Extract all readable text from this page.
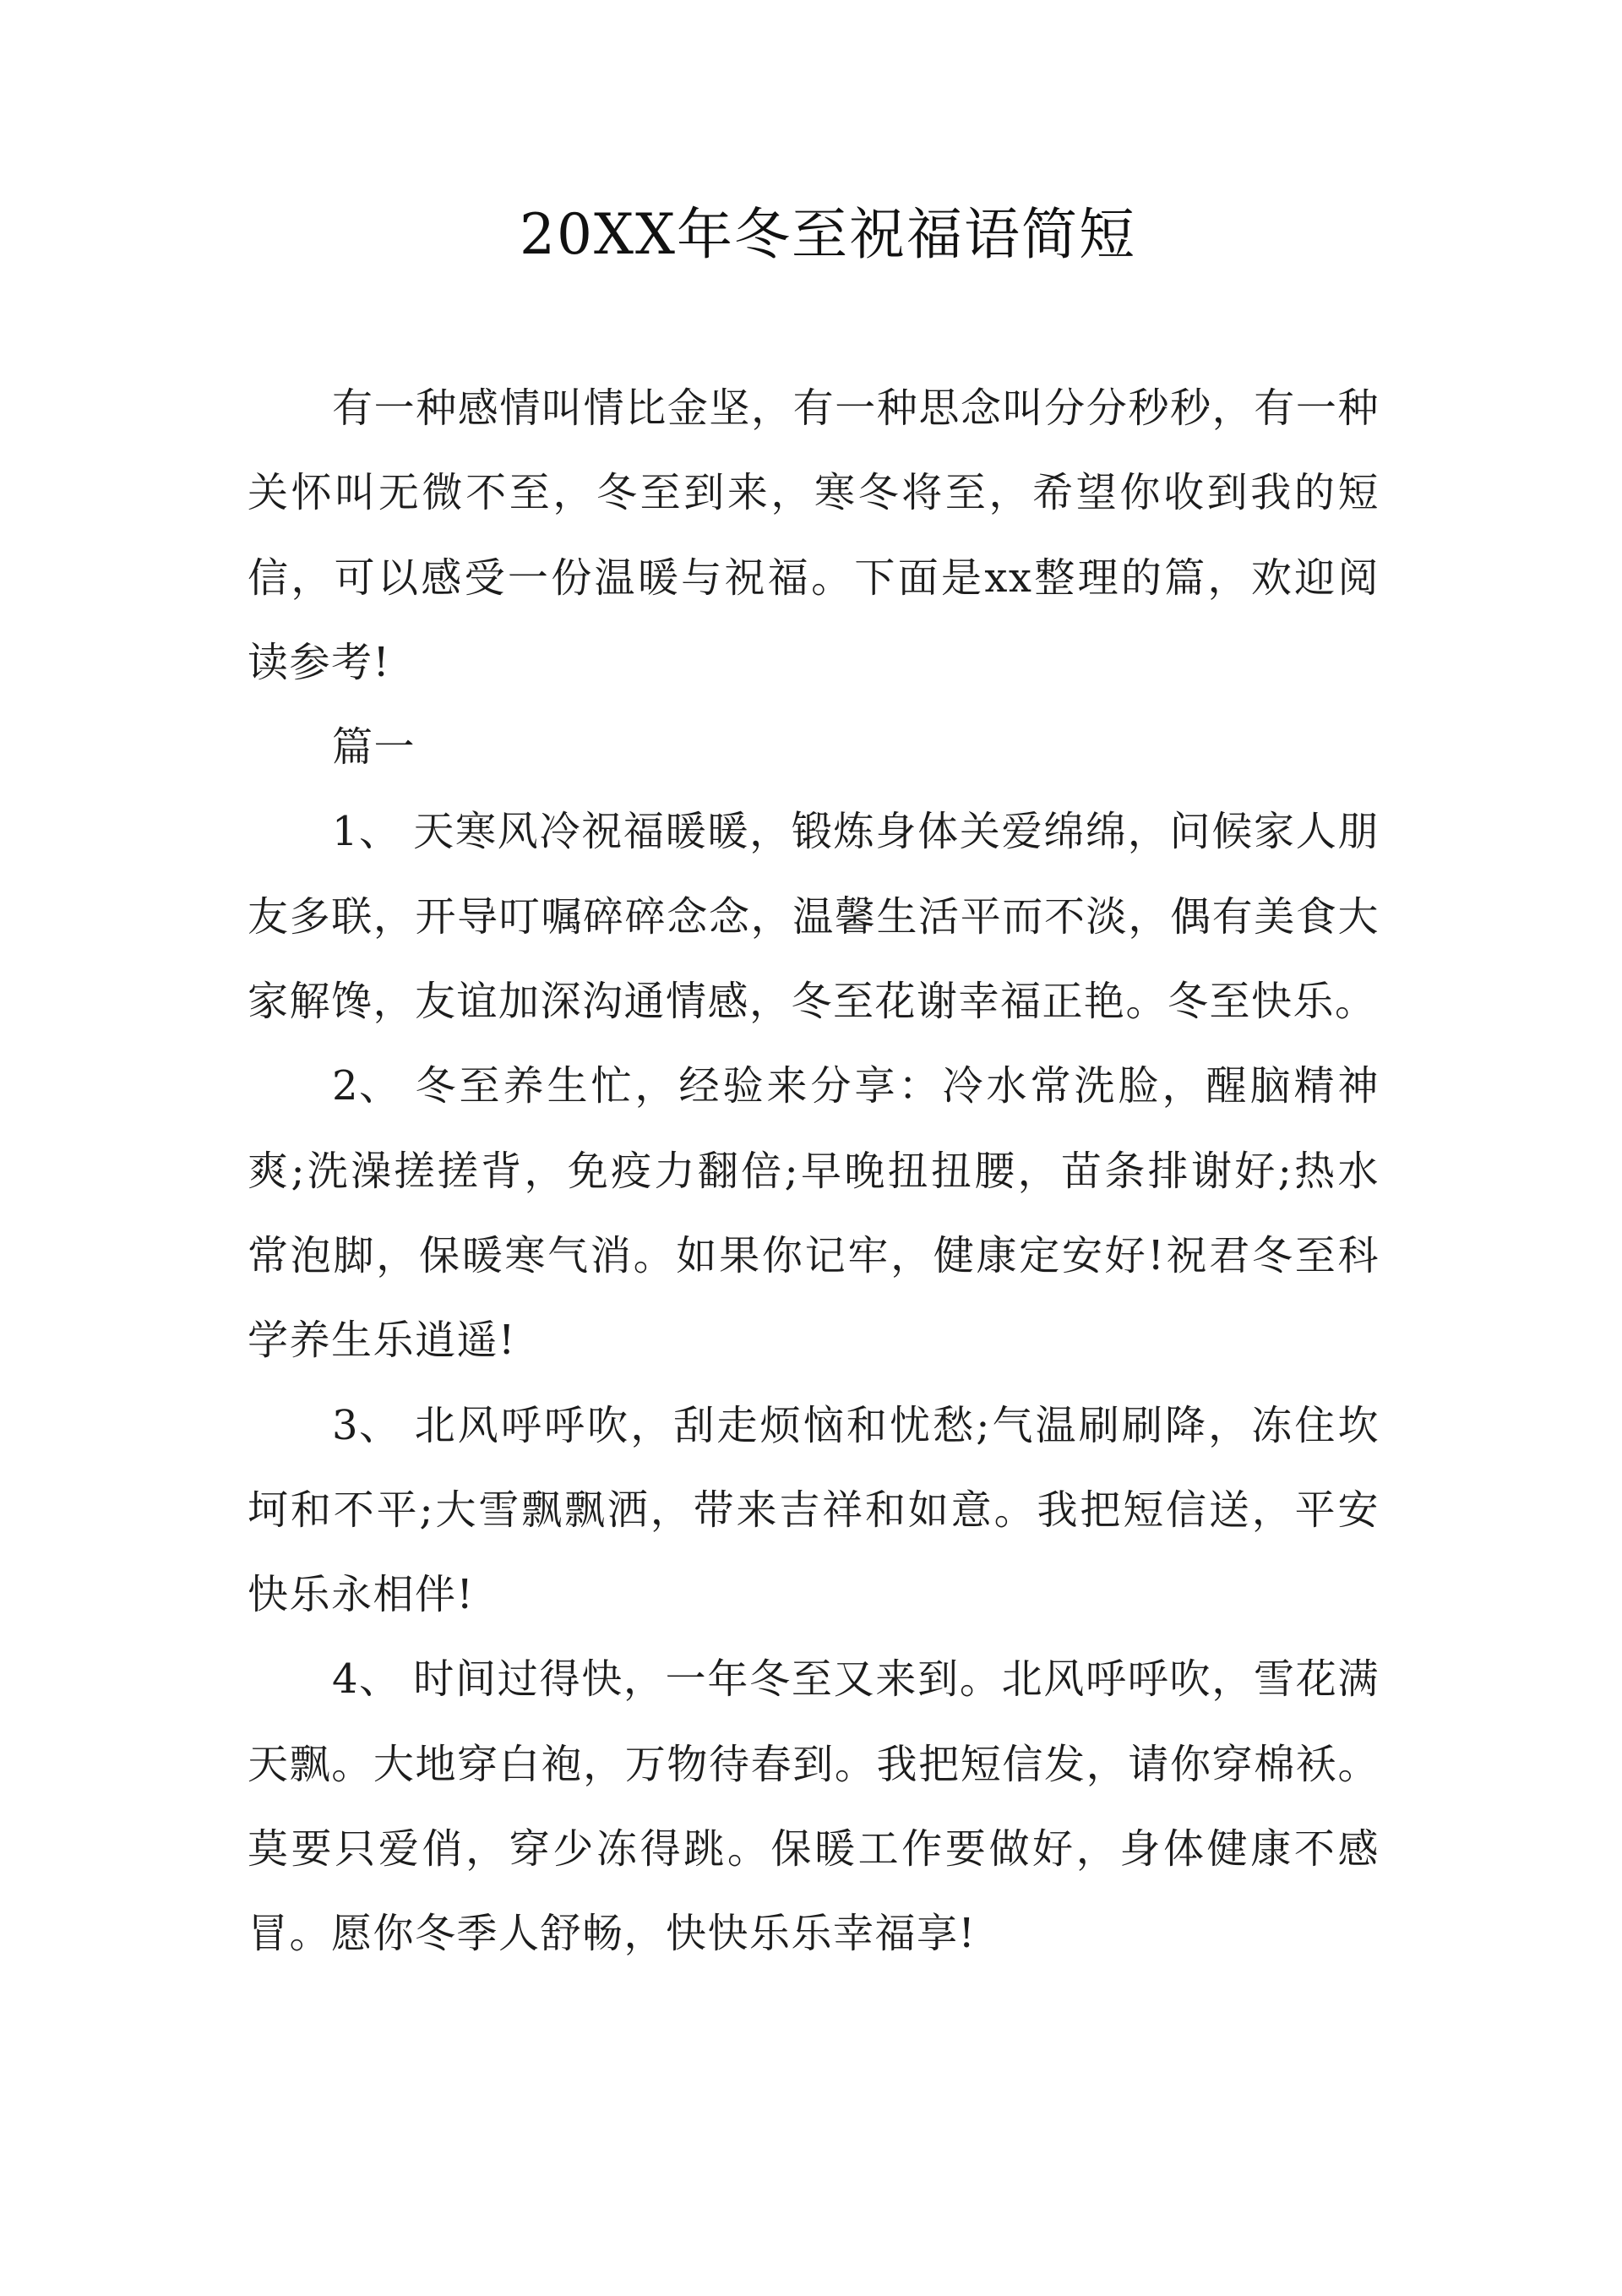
20XX年冬至祝福语简短

有一种感情叫情比金坚，有一种思念叫分分秒秒，有一种关怀叫无微不至，冬至到来，寒冬将至，希望你收到我的短信，可以感受一份温暖与祝福。下面是xx整理的篇，欢迎阅读参考!

篇一

1、 天寒风冷祝福暖暖，锻炼身体关爱绵绵，问候家人朋友多联，开导叮嘱碎碎念念，温馨生活平而不淡，偶有美食大家解馋，友谊加深沟通情感，冬至花谢幸福正艳。冬至快乐。

2、 冬至养生忙，经验来分享：冷水常洗脸，醒脑精神爽;洗澡搓搓背，免疫力翻倍;早晚扭扭腰，苗条排谢好;热水常泡脚，保暖寒气消。如果你记牢，健康定安好!祝君冬至科学养生乐逍遥!

3、 北风呼呼吹，刮走烦恼和忧愁;气温刷刷降，冻住坎坷和不平;大雪飘飘洒，带来吉祥和如意。我把短信送，平安快乐永相伴!

4、 时间过得快，一年冬至又来到。北风呼呼吹，雪花满天飘。大地穿白袍，万物待春到。我把短信发，请你穿棉袄。莫要只爱俏，穿少冻得跳。保暖工作要做好，身体健康不感冒。愿你冬季人舒畅，快快乐乐幸福享!
